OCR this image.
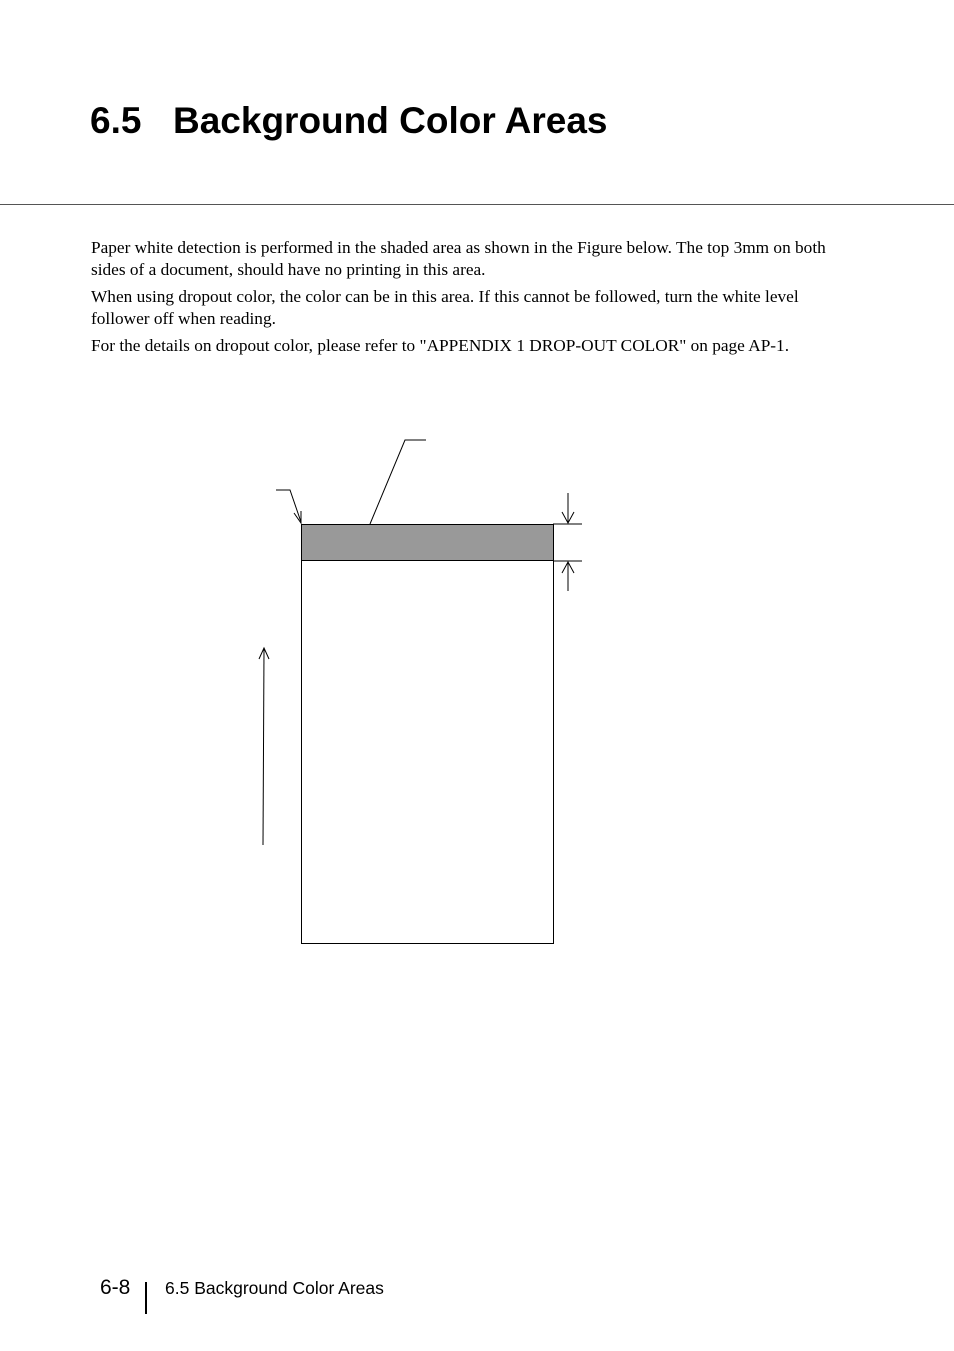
6.5 Background Color Areas

Paper white detection is performed in the shaded area as shown in the Figure below. The top 3mm on both sides of a document, should have no printing in this area.

When using dropout color, the color can be in this area. If this cannot be followed, turn the white level follower off when reading.

For the details on dropout color, please refer to "APPENDIX 1 DROP-OUT COLOR" on page AP-1.

6-8 6.5 Background Color Areas
